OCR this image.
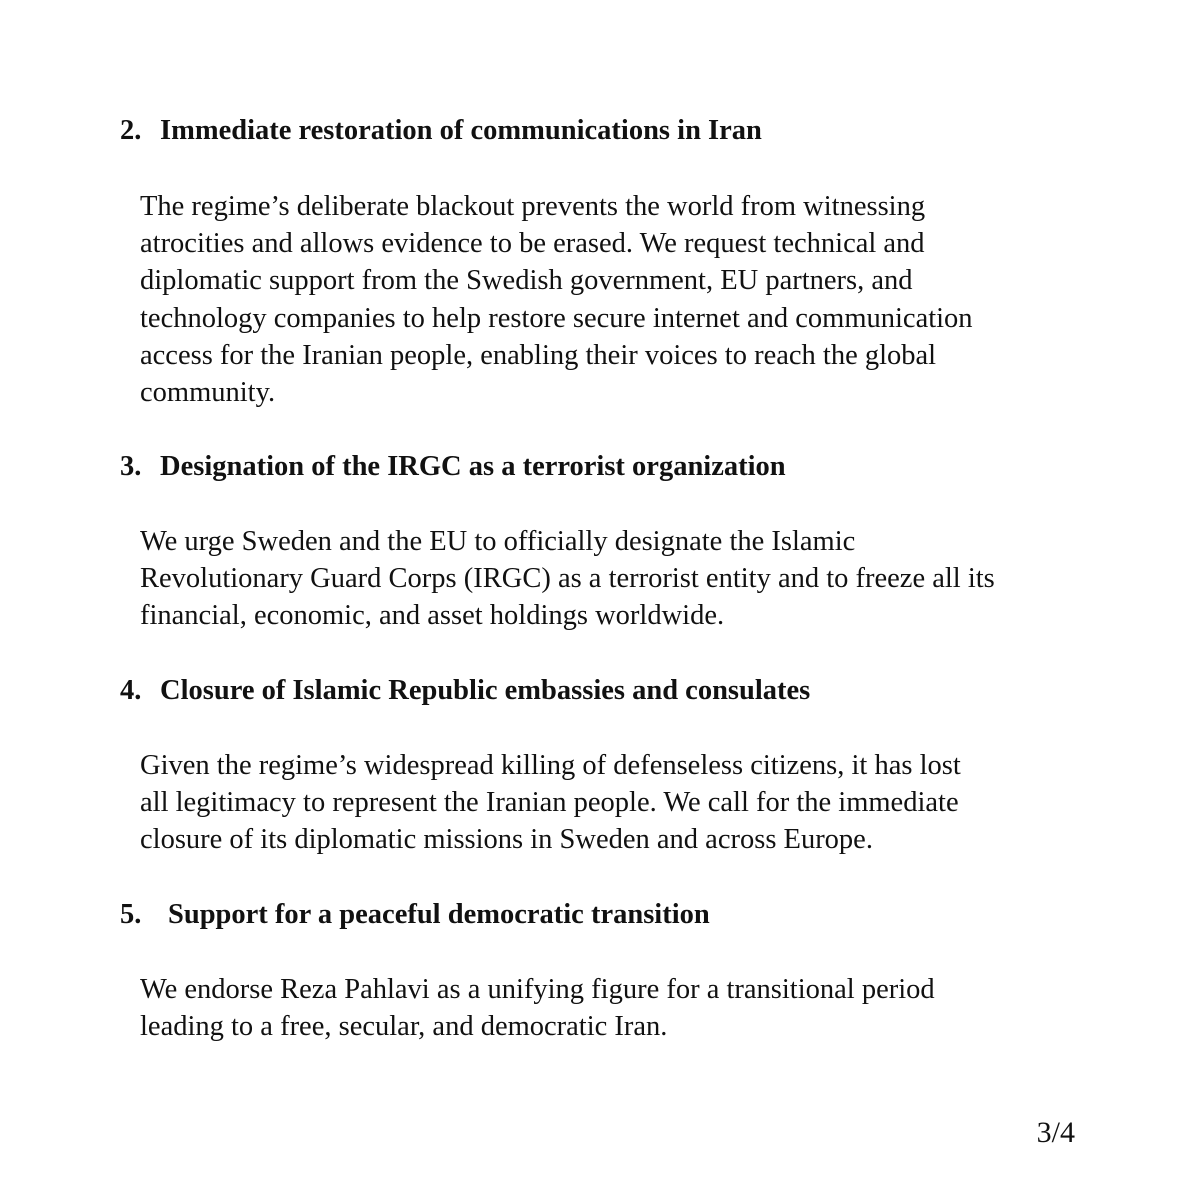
2. Immediate restoration of communications in Iran
The regime’s deliberate blackout prevents the world from witnessing
atrocities and allows evidence to be erased. We request technical and
diplomatic support from the Swedish government, EU partners, and
technology companies to help restore secure internet and communication
access for the Iranian people, enabling their voices to reach the global
community.
3. Designation of the IRGC as a terrorist organization
We urge Sweden and the EU to officially designate the Islamic
Revolutionary Guard Corps (IRGC) as a terrorist entity and to freeze all its
financial, economic, and asset holdings worldwide.
4. Closure of Islamic Republic embassies and consulates
Given the regime’s widespread killing of defenseless citizens, it has lost
all legitimacy to represent the Iranian people. We call for the immediate
closure of its diplomatic missions in Sweden and across Europe.
5. Support for a peaceful democratic transition
We endorse Reza Pahlavi as a unifying figure for a transitional period
leading to a free, secular, and democratic Iran.
3/4
